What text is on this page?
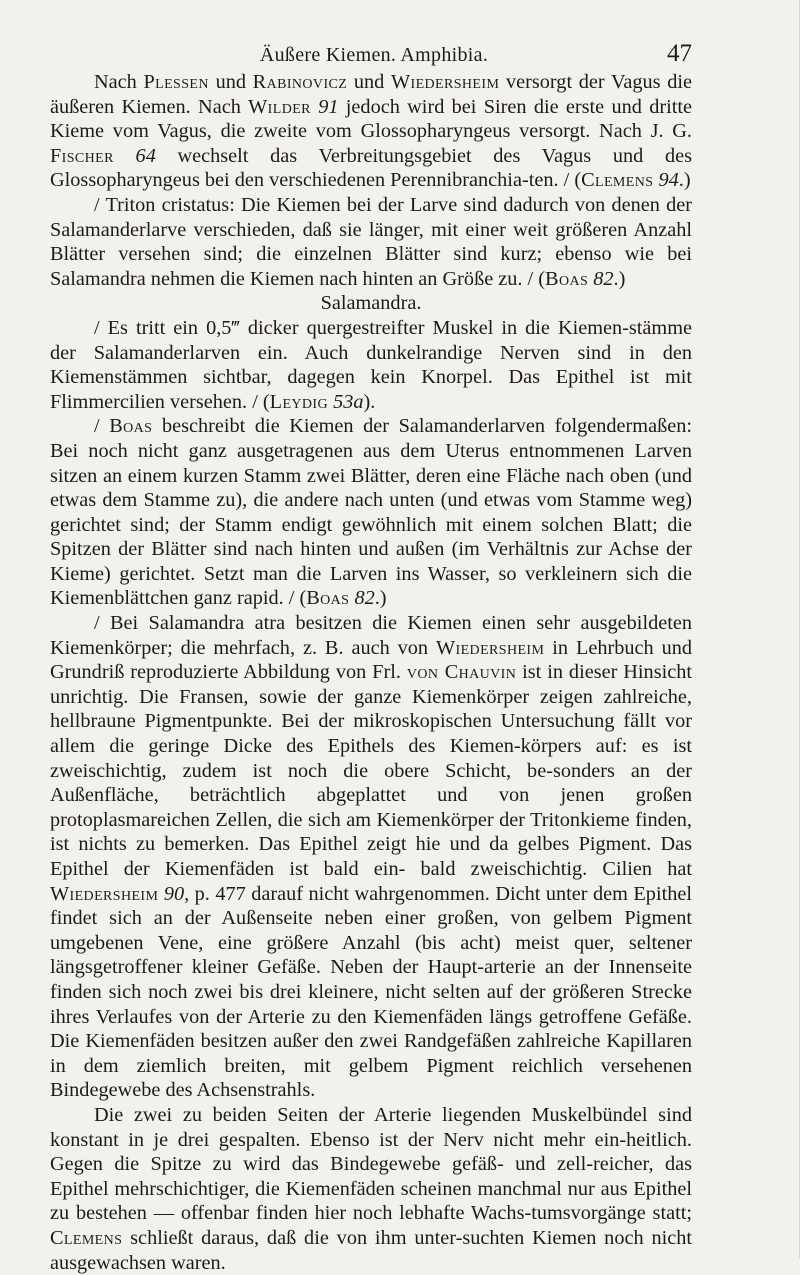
Äußere Kiemen. Amphibia.	47

Nach Plessen und Rabinovicz und Wiedersheim versorgt der Vagus die äußeren Kiemen. Nach Wilder 91 jedoch wird bei Siren die erste und dritte Kieme vom Vagus, die zweite vom Glossopharyngeus versorgt. Nach J. G. Fischer 64 wechselt das Verbreitungsgebiet des Vagus und des Glossopharyngeus bei den verschiedenen Perennibranchia-ten. / (Clemens 94.)

/ Triton cristatus: Die Kiemen bei der Larve sind dadurch von denen der Salamanderlarve verschieden, daß sie länger, mit einer weit größeren Anzahl Blätter versehen sind; die einzelnen Blätter sind kurz; ebenso wie bei Salamandra nehmen die Kiemen nach hinten an Größe zu. / (Boas 82.)

Salamandra.

/ Es tritt ein 0,5‴ dicker quergestreifter Muskel in die Kiemen-stämme der Salamanderlarven ein. Auch dunkelrandige Nerven sind in den Kiemenstämmen sichtbar, dagegen kein Knorpel. Das Epithel ist mit Flimmercilien versehen. / (Leydig 53a).

/ Boas beschreibt die Kiemen der Salamanderlarven folgendermaßen: Bei noch nicht ganz ausgetragenen aus dem Uterus entnommenen Larven sitzen an einem kurzen Stamm zwei Blätter, deren eine Fläche nach oben (und etwas dem Stamme zu), die andere nach unten (und etwas vom Stamme weg) gerichtet sind; der Stamm endigt gewöhnlich mit einem solchen Blatt; die Spitzen der Blätter sind nach hinten und außen (im Verhältnis zur Achse der Kieme) gerichtet. Setzt man die Larven ins Wasser, so verkleinern sich die Kiemenblättchen ganz rapid. / (Boas 82.)

/ Bei Salamandra atra besitzen die Kiemen einen sehr ausgebildeten Kiemenkörper; die mehrfach, z. B. auch von Wiedersheim in Lehrbuch und Grundriß reproduzierte Abbildung von Frl. von Chauvin ist in dieser Hinsicht unrichtig. Die Fransen, sowie der ganze Kiemenkörper zeigen zahlreiche, hellbraune Pigmentpunkte. Bei der mikroskopischen Untersuchung fällt vor allem die geringe Dicke des Epithels des Kiemen-körpers auf: es ist zweischichtig, zudem ist noch die obere Schicht, be-sonders an der Außenfläche, beträchtlich abgeplattet und von jenen großen protoplasmareichen Zellen, die sich am Kiemenkörper der Tritonkieme finden, ist nichts zu bemerken. Das Epithel zeigt hie und da gelbes Pigment. Das Epithel der Kiemenfäden ist bald ein- bald zweischichtig. Cilien hat Wiedersheim 90, p. 477 darauf nicht wahrgenommen. Dicht unter dem Epithel findet sich an der Außenseite neben einer großen, von gelbem Pigment umgebenen Vene, eine größere Anzahl (bis acht) meist quer, seltener längsgetroffener kleiner Gefäße. Neben der Haupt-arterie an der Innenseite finden sich noch zwei bis drei kleinere, nicht selten auf der größeren Strecke ihres Verlaufes von der Arterie zu den Kiemenfäden längs getroffene Gefäße. Die Kiemenfäden besitzen außer den zwei Randgefäßen zahlreiche Kapillaren in dem ziemlich breiten, mit gelbem Pigment reichlich versehenen Bindegewebe des Achsenstrahls.

Die zwei zu beiden Seiten der Arterie liegenden Muskelbündel sind konstant in je drei gespalten. Ebenso ist der Nerv nicht mehr ein-heitlich. Gegen die Spitze zu wird das Bindegewebe gefäß- und zell-reicher, das Epithel mehrschichtiger, die Kiemenfäden scheinen manchmal nur aus Epithel zu bestehen — offenbar finden hier noch lebhafte Wachs-tumsvorgänge statt; Clemens schließt daraus, daß die von ihm unter-suchten Kiemen noch nicht ausgewachsen waren.
